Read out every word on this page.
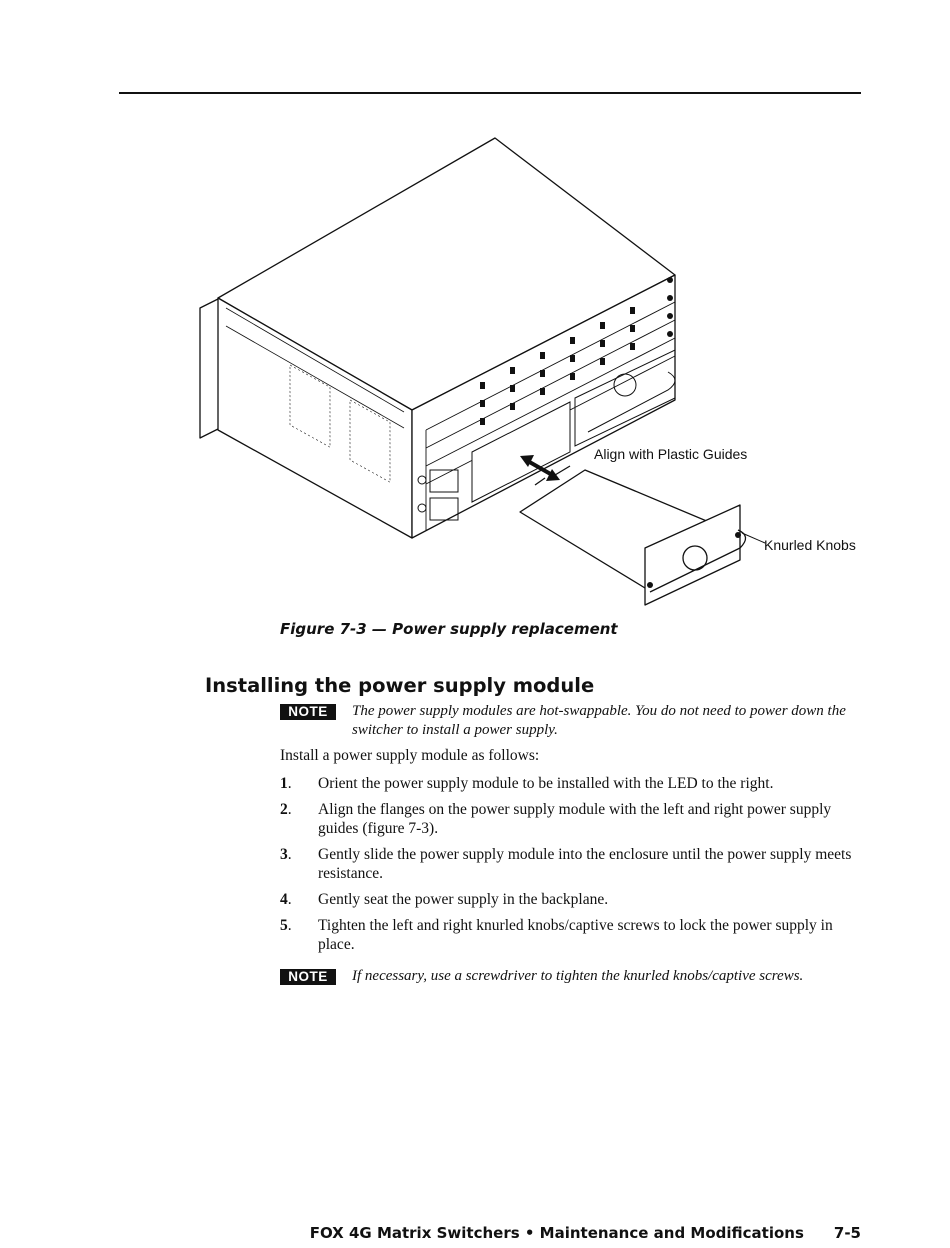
Align with Plastic Guides
Knurled Knobs
Figure 7-3 — Power supply replacement
Installing the power supply module
NOTE	The power supply modules are hot-swappable. You do not need to power down the switcher to install a power supply.
Install a power supply module as follows:
1. Orient the power supply module to be installed with the LED to the right.
2. Align the flanges on the power supply module with the left and right power supply guides (figure 7-3).
3. Gently slide the power supply module into the enclosure until the power supply meets resistance.
4. Gently seat the power supply in the backplane.
5. Tighten the left and right knurled knobs/captive screws to lock the power supply in place.
NOTE	If necessary, use a screwdriver to tighten the knurled knobs/captive screws.
FOX 4G Matrix Switchers • Maintenance and Modifications 7-5
